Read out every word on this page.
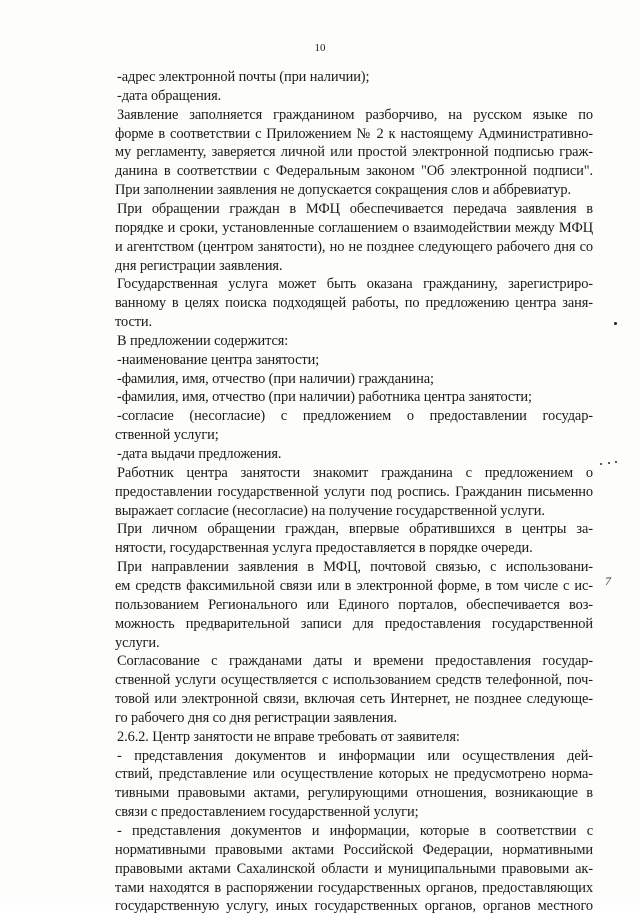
10
-адрес электронной почты (при наличии);
-дата обращения.
Заявление заполняется гражданином разборчиво, на русском языке по
форме в соответствии с Приложением № 2 к настоящему Административно-
му регламенту, заверяется личной или простой электронной подписью граж-
данина в соответствии с Федеральным законом "Об электронной подписи".
При заполнении заявления не допускается сокращения слов и аббревиатур.
При обращении граждан в МФЦ обеспечивается передача заявления в
порядке и сроки, установленные соглашением о взаимодействии между МФЦ
и агентством (центром занятости), но не позднее следующего рабочего дня со
дня регистрации заявления.
Государственная услуга может быть оказана гражданину, зарегистриро-
ванному в целях поиска подходящей работы, по предложению центра заня-
тости.
В предложении содержится:
-наименование центра занятости;
-фамилия, имя, отчество (при наличии) гражданина;
-фамилия, имя, отчество (при наличии) работника центра занятости;
-согласие (несогласие) с предложением о предоставлении государ-
ственной услуги;
-дата выдачи предложения.
Работник центра занятости знакомит гражданина с предложением о
предоставлении государственной услуги под роспись. Гражданин письменно
выражает согласие (несогласие) на получение государственной услуги.
При личном обращении граждан, впервые обратившихся в центры за-
нятости, государственная услуга предоставляется в порядке очереди.
При направлении заявления в МФЦ, почтовой связью, с использовани-
ем средств факсимильной связи или в электронной форме, в том числе с ис-
пользованием Регионального или Единого порталов, обеспечивается воз-
можность предварительной записи для предоставления государственной
услуги.
Согласование с гражданами даты и времени предоставления государ-
ственной услуги осуществляется с использованием средств телефонной, поч-
товой или электронной связи, включая сеть Интернет, не позднее следующе-
го рабочего дня со дня регистрации заявления.
2.6.2. Центр занятости не вправе требовать от заявителя:
- представления документов и информации или осуществления дей-
ствий, представление или осуществление которых не предусмотрено норма-
тивными правовыми актами, регулирующими отношения, возникающие в
связи с предоставлением государственной услуги;
- представления документов и информации, которые в соответствии с
нормативными правовыми актами Российской Федерации, нормативными
правовыми актами Сахалинской области и муниципальными правовыми ак-
тами находятся в распоряжении государственных органов, предоставляющих
государственную услугу, иных государственных органов, органов местного
7
